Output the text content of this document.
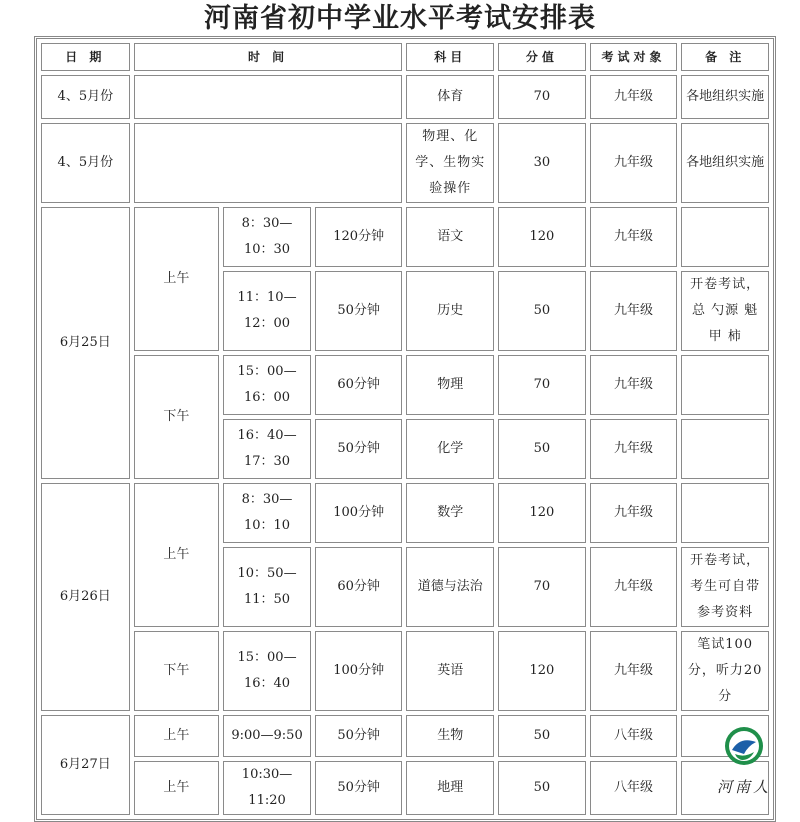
河南省初中学业水平考试安排表
日 期	时 间			科目	分值	考试对象	备 注
4、5月份				体育	70	九年级	各地组织实施
4、5月份				物理、化学、生物实验操作	30	九年级	各地组织实施
6月25日	上午	8：30—10：30	120分钟	语文	120	九年级	
		11：10—12：00	50分钟	历史	50	九年级	开卷考试，总 勺源 魁甲 柿
	下午	15：00—16：00	60分钟	物理	70	九年级	
		16：40—17：30	50分钟	化学	50	九年级	
6月26日	上午	8：30—10：10	100分钟	数学	120	九年级	
		10：50—11：50	60分钟	道德与法治	70	九年级	开卷考试，考生可自带参考资料
	下午	15：00—16：40	100分钟	英语	120	九年级	笔试100分，听力20分
6月27日	上午	9:00—9:50	50分钟	生物	50	八年级	
	上午	10:30—11:20	50分钟	地理	50	八年级		河南人
